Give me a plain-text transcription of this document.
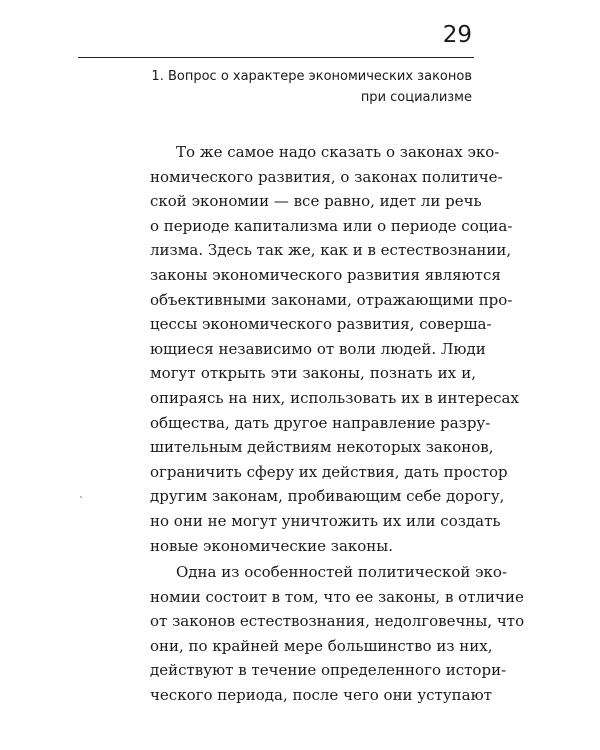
29
1. Вопрос о характере экономических законов
при социализме
То же самое надо сказать о законах эко-
номического развития, о законах политиче-
ской экономии — все равно, идет ли речь
о периоде капитализма или о периоде социа-
лизма. Здесь так же, как и в естествознании,
законы экономического развития являются
объективными законами, отражающими про-
цессы экономического развития, соверша-
ющиеся независимо от воли людей. Люди
могут открыть эти законы, познать их и,
опираясь на них, использовать их в интересах
общества, дать другое направление разру-
шительным действиям некоторых законов,
ограничить сферу их действия, дать простор
другим законам, пробивающим себе дорогу,
но они не могут уничтожить их или создать
новые экономические законы.
Одна из особенностей политической эко-
номии состоит в том, что ее законы, в отличие
от законов естествознания, недолговечны, что
они, по крайней мере большинство из них,
действуют в течение определенного истори-
ческого периода, после чего они уступают
